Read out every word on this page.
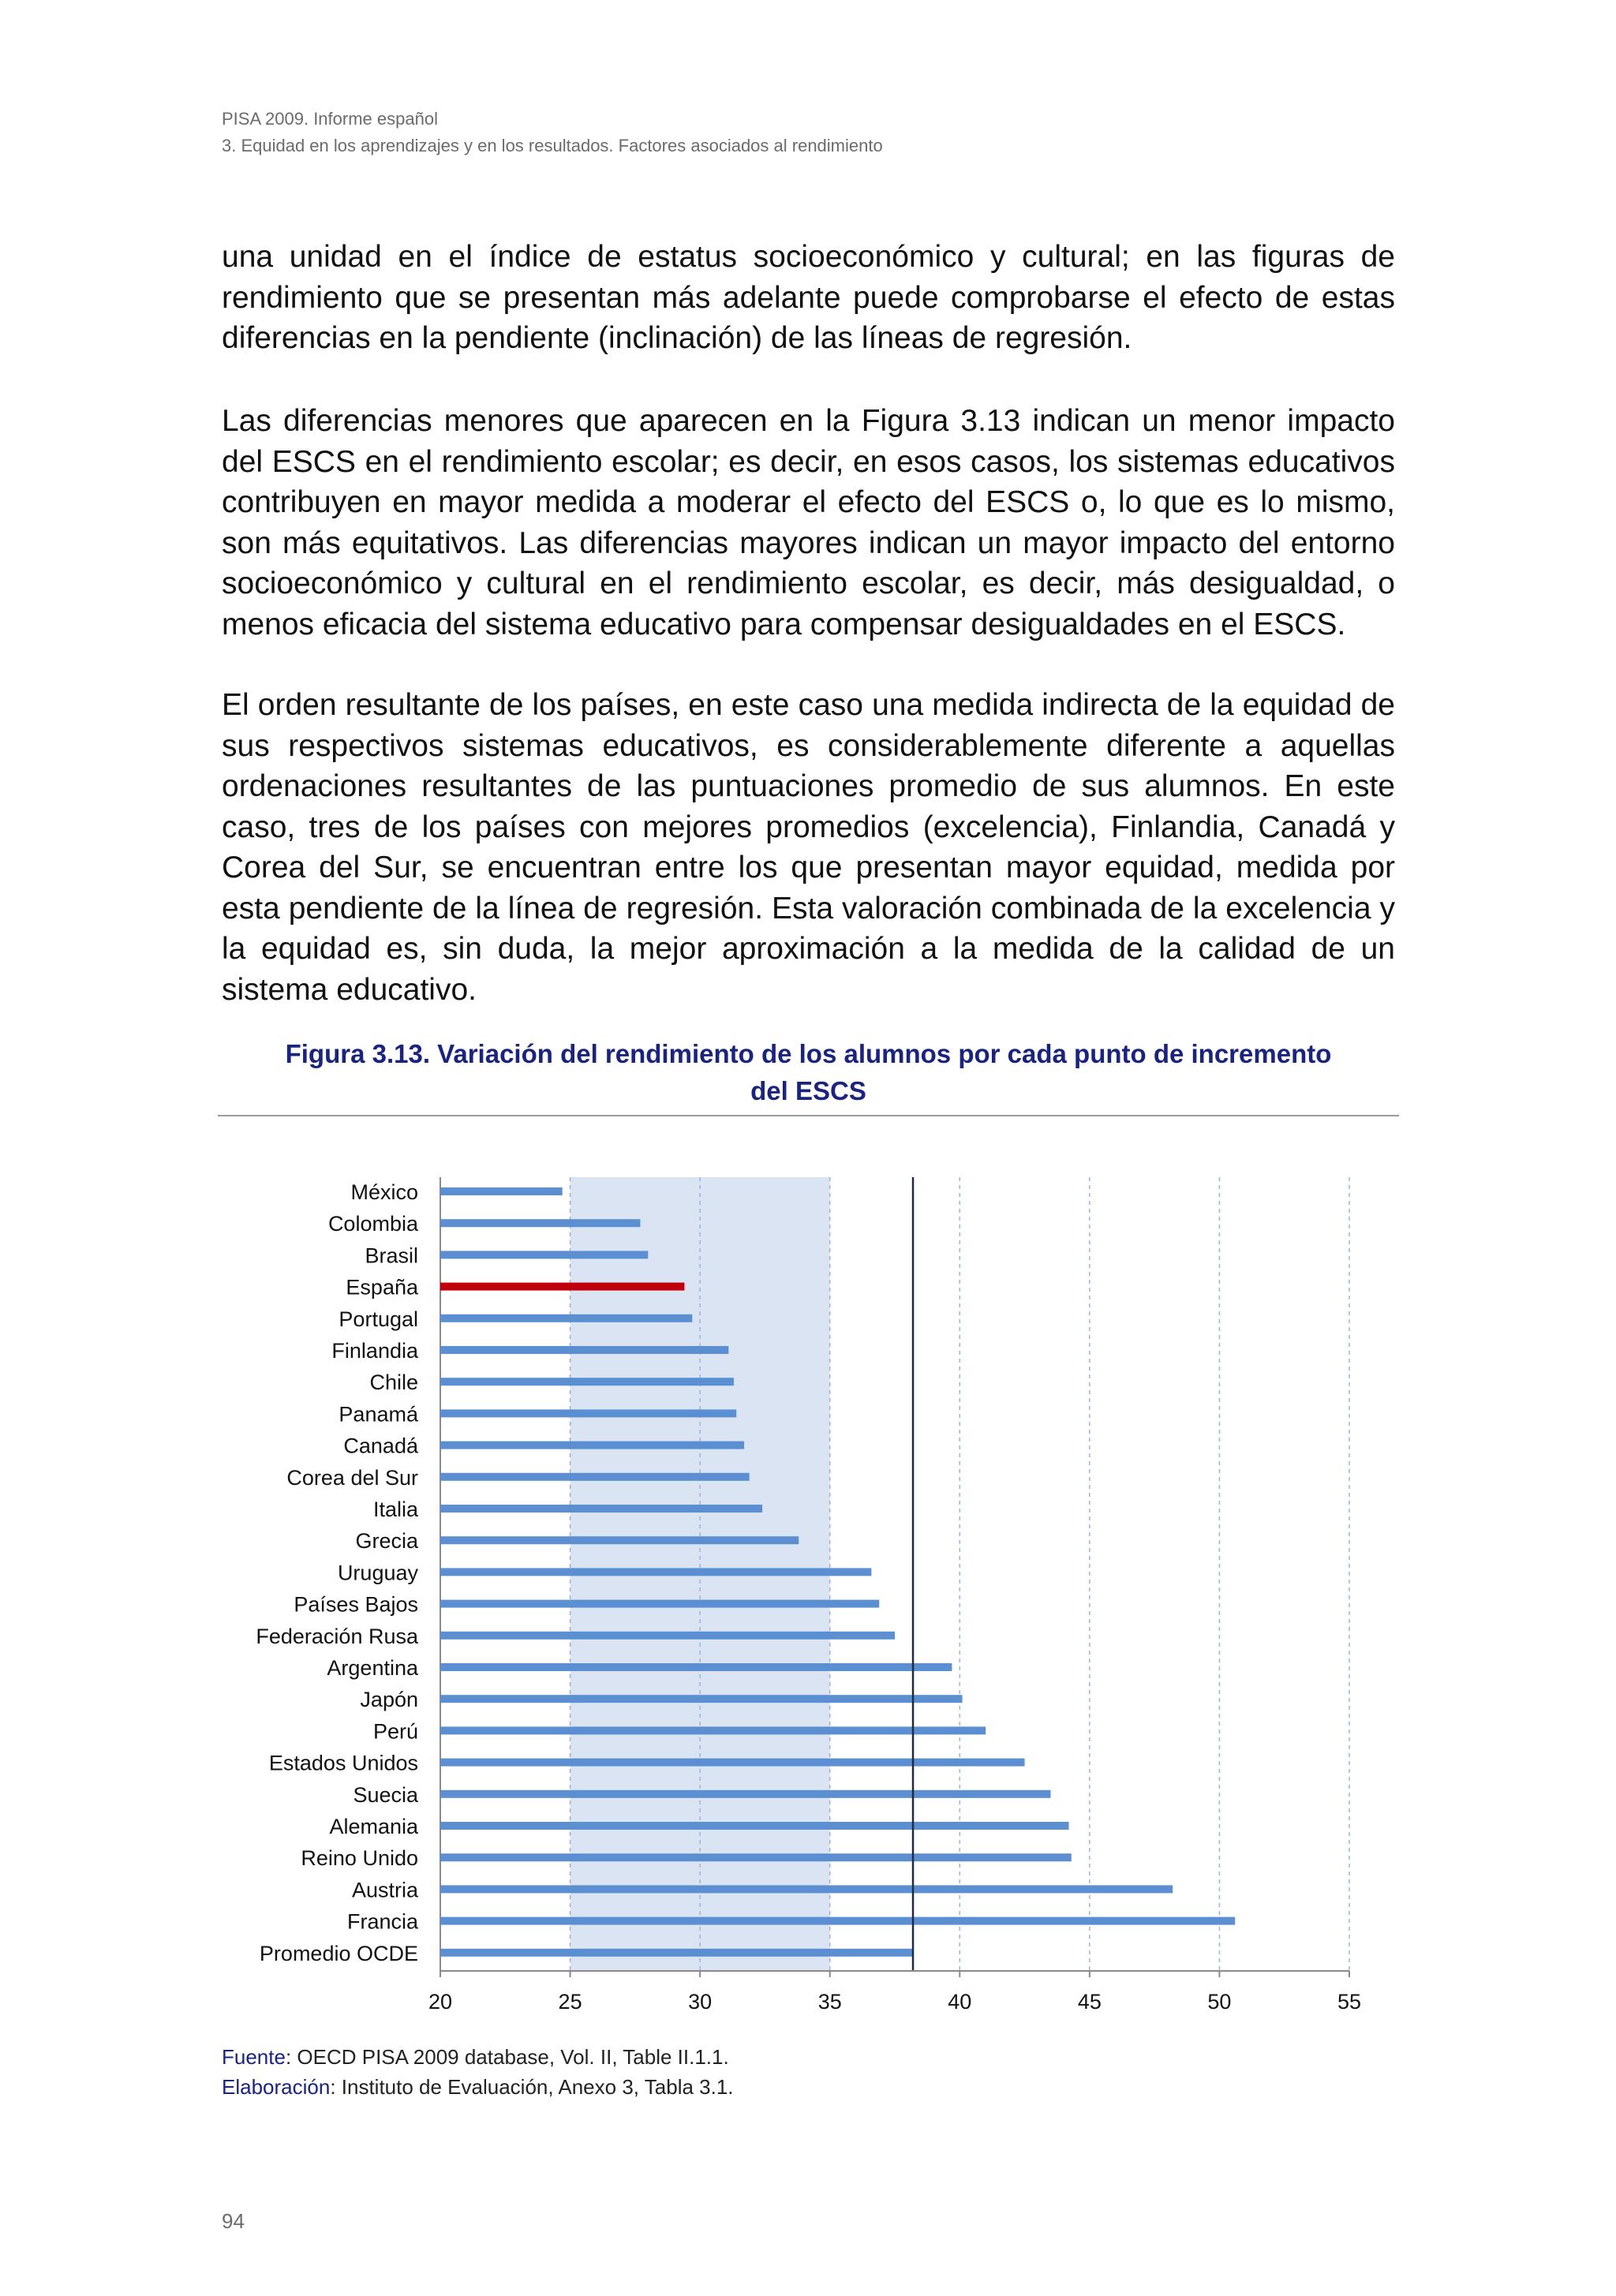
PISA 2009. Informe español
3. Equidad en los aprendizajes y en los resultados. Factores asociados al rendimiento
una unidad en el índice de estatus socioeconómico y cultural; en las figuras de rendimiento que se presentan más adelante puede comprobarse el efecto de estas diferencias en la pendiente (inclinación) de las líneas de regresión.
Las diferencias menores que aparecen en la Figura 3.13 indican un menor impacto del ESCS en el rendimiento escolar; es decir, en esos casos, los sistemas educativos contribuyen en mayor medida a moderar el efecto del ESCS o, lo que es lo mismo, son más equitativos. Las diferencias mayores indican un mayor impacto del entorno socioeconómico y cultural en el rendimiento escolar, es decir, más desigualdad, o menos eficacia del sistema educativo para compensar desigualdades en el ESCS.
El orden resultante de los países, en este caso una medida indirecta de la equidad de sus respectivos sistemas educativos, es considerablemente diferente a aquellas ordenaciones resultantes de las puntuaciones promedio de sus alumnos. En este caso, tres de los países con mejores promedios (excelencia), Finlandia, Canadá y Corea del Sur, se encuentran entre los que presentan mayor equidad, medida por esta pendiente de la línea de regresión. Esta valoración combinada de la excelencia y la equidad es, sin duda, la mejor aproximación a la medida de la calidad de un sistema educativo.
Figura 3.13. Variación del rendimiento de los alumnos por cada punto de incremento
del ESCS
México
Colombia
Brasil
España
Portugal
Finlandia
Chile
Panamá
Canadá
Corea del Sur
Italia
Grecia
Uruguay
Países Bajos
Federación Rusa
Argentina
Japón
Perú
Estados Unidos
Suecia
Alemania
Reino Unido
Austria
Francia
Promedio OCDE
20	25	30	35	40	45	50	55
Fuente: OECD PISA 2009 database, Vol. II, Table II.1.1.
Elaboración: Instituto de Evaluación, Anexo 3, Tabla 3.1.
94
